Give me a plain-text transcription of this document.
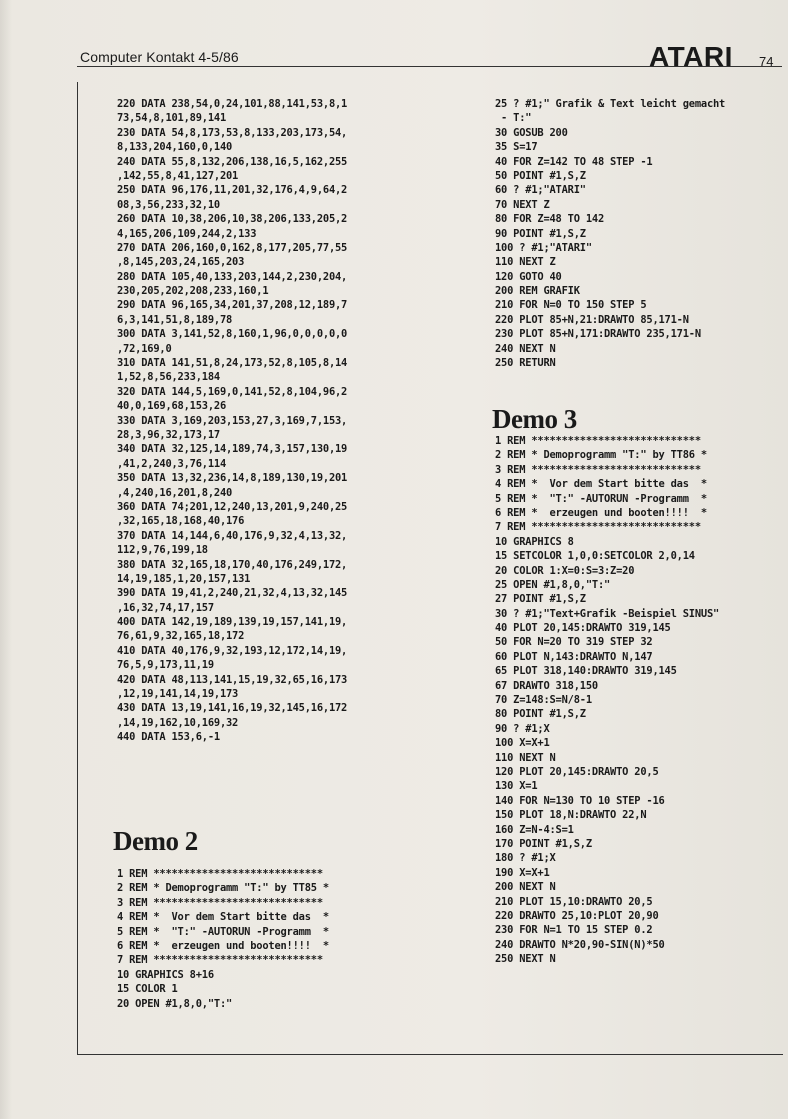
Computer Kontakt 4-5/86	ATARI 74
220 DATA 238,54,0,24,101,88,141,53,8,1
73,54,8,101,89,141
230 DATA 54,8,173,53,8,133,203,173,54,
8,133,204,160,0,140
240 DATA 55,8,132,206,138,16,5,162,255
,142,55,8,41,127,201
250 DATA 96,176,11,201,32,176,4,9,64,2
08,3,56,233,32,10
260 DATA 10,38,206,10,38,206,133,205,2
4,165,206,109,244,2,133
270 DATA 206,160,0,162,8,177,205,77,55
,8,145,203,24,165,203
280 DATA 105,40,133,203,144,2,230,204,
230,205,202,208,233,160,1
290 DATA 96,165,34,201,37,208,12,189,7
6,3,141,51,8,189,78
300 DATA 3,141,52,8,160,1,96,0,0,0,0,0
,72,169,0
310 DATA 141,51,8,24,173,52,8,105,8,14
1,52,8,56,233,184
320 DATA 144,5,169,0,141,52,8,104,96,2
40,0,169,68,153,26
330 DATA 3,169,203,153,27,3,169,7,153,
28,3,96,32,173,17
340 DATA 32,125,14,189,74,3,157,130,19
,41,2,240,3,76,114
350 DATA 13,32,236,14,8,189,130,19,201
,4,240,16,201,8,240
360 DATA 74;201,12,240,13,201,9,240,25
,32,165,18,168,40,176
370 DATA 14,144,6,40,176,9,32,4,13,32,
112,9,76,199,18
380 DATA 32,165,18,170,40,176,249,172,
14,19,185,1,20,157,131
390 DATA 19,41,2,240,21,32,4,13,32,145
,16,32,74,17,157
400 DATA 142,19,189,139,19,157,141,19,
76,61,9,32,165,18,172
410 DATA 40,176,9,32,193,12,172,14,19,
76,5,9,173,11,19
420 DATA 48,113,141,15,19,32,65,16,173
,12,19,141,14,19,173
430 DATA 13,19,141,16,19,32,145,16,172
,14,19,162,10,169,32
440 DATA 153,6,-1
Demo 2
1 REM ****************************
2 REM * Demoprogramm "T:" by TT85 *
3 REM ****************************
4 REM *  Vor dem Start bitte das  *
5 REM *  "T:" -AUTORUN -Programm  *
6 REM *  erzeugen und booten!!!!  *
7 REM ****************************
10 GRAPHICS 8+16
15 COLOR 1
20 OPEN #1,8,0,"T:"
25 ? #1;" Grafik & Text leicht gemacht
- T:"
30 GOSUB 200
35 S=17
40 FOR Z=142 TO 48 STEP -1
50 POINT #1,S,Z
60 ? #1;"ATARI"
70 NEXT Z
80 FOR Z=48 TO 142
90 POINT #1,S,Z
100 ? #1;"ATARI"
110 NEXT Z
120 GOTO 40
200 REM GRAFIK
210 FOR N=0 TO 150 STEP 5
220 PLOT 85+N,21:DRAWTO 85,171-N
230 PLOT 85+N,171:DRAWTO 235,171-N
240 NEXT N
250 RETURN
Demo 3
1 REM ****************************
2 REM * Demoprogramm "T:" by TT86 *
3 REM ****************************
4 REM *  Vor dem Start bitte das  *
5 REM *  "T:" -AUTORUN -Programm  *
6 REM *  erzeugen und booten!!!!  *
7 REM ****************************
10 GRAPHICS 8
15 SETCOLOR 1,0,0:SETCOLOR 2,0,14
20 COLOR 1:X=0:S=3:Z=20
25 OPEN #1,8,0,"T:"
27 POINT #1,S,Z
30 ? #1;"Text+Grafik -Beispiel SINUS"
40 PLOT 20,145:DRAWTO 319,145
50 FOR N=20 TO 319 STEP 32
60 PLOT N,143:DRAWTO N,147
65 PLOT 318,140:DRAWTO 319,145
67 DRAWTO 318,150
70 Z=148:S=N/8-1
80 POINT #1,S,Z
90 ? #1;X
100 X=X+1
110 NEXT N
120 PLOT 20,145:DRAWTO 20,5
130 X=1
140 FOR N=130 TO 10 STEP -16
150 PLOT 18,N:DRAWTO 22,N
160 Z=N-4:S=1
170 POINT #1,S,Z
180 ? #1;X
190 X=X+1
200 NEXT N
210 PLOT 15,10:DRAWTO 20,5
220 DRAWTO 25,10:PLOT 20,90
230 FOR N=1 TO 15 STEP 0.2
240 DRAWTO N*20,90-SIN(N)*50
250 NEXT N
